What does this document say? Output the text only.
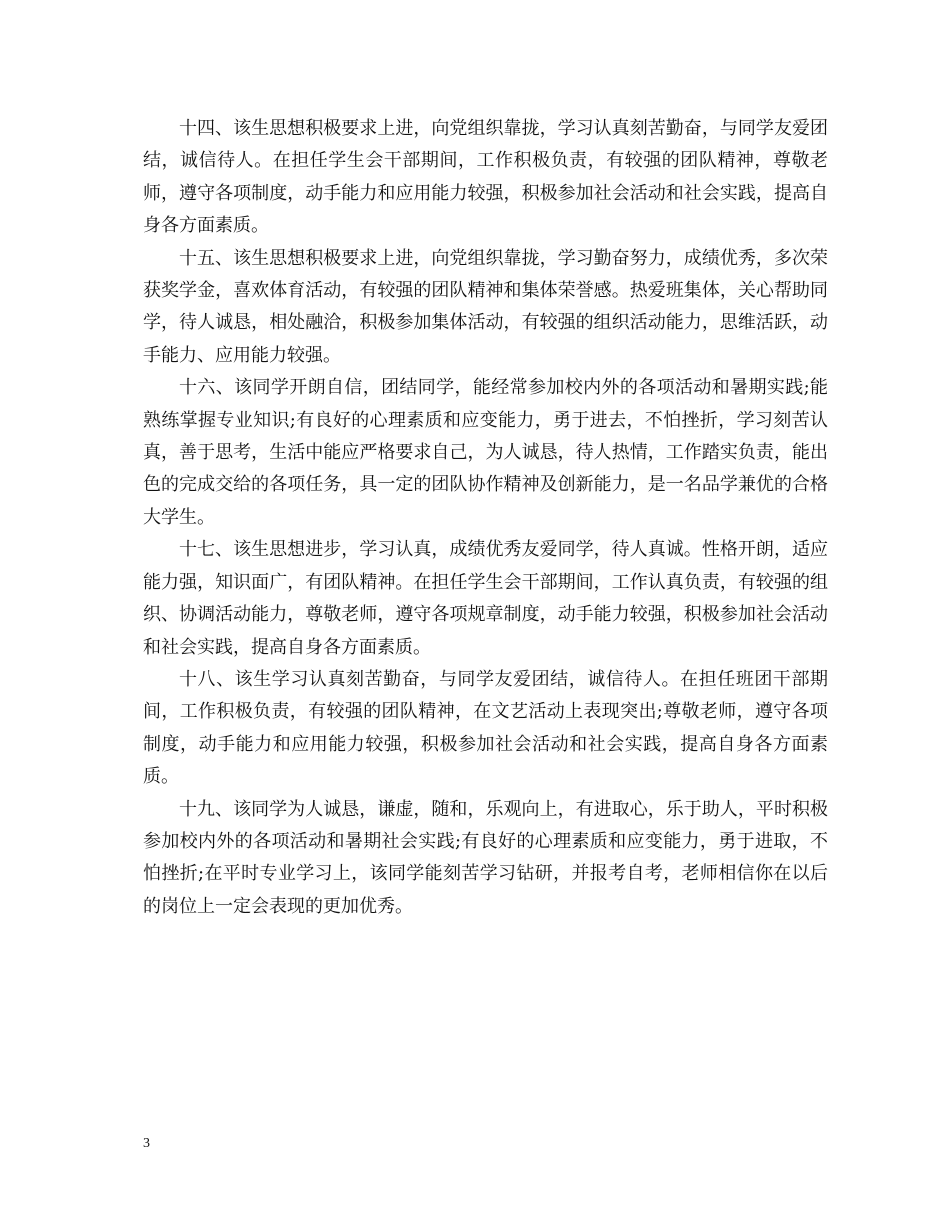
十四、该生思想积极要求上进，向党组织靠拢，学习认真刻苦勤奋，与同学友爱团结，诚信待人。在担任学生会干部期间，工作积极负责，有较强的团队精神，尊敬老师，遵守各项制度，动手能力和应用能力较强，积极参加社会活动和社会实践，提高自身各方面素质。

十五、该生思想积极要求上进，向党组织靠拢，学习勤奋努力，成绩优秀，多次荣获奖学金，喜欢体育活动，有较强的团队精神和集体荣誉感。热爱班集体，关心帮助同学，待人诚恳，相处融洽，积极参加集体活动，有较强的组织活动能力，思维活跃，动手能力、应用能力较强。

十六、该同学开朗自信，团结同学，能经常参加校内外的各项活动和暑期实践;能熟练掌握专业知识;有良好的心理素质和应变能力，勇于进去，不怕挫折，学习刻苦认真，善于思考，生活中能应严格要求自己，为人诚恳，待人热情，工作踏实负责，能出色的完成交给的各项任务，具一定的团队协作精神及创新能力，是一名品学兼优的合格大学生。

十七、该生思想进步，学习认真，成绩优秀友爱同学，待人真诚。性格开朗，适应能力强，知识面广，有团队精神。在担任学生会干部期间，工作认真负责，有较强的组织、协调活动能力，尊敬老师，遵守各项规章制度，动手能力较强，积极参加社会活动和社会实践，提高自身各方面素质。

十八、该生学习认真刻苦勤奋，与同学友爱团结，诚信待人。在担任班团干部期间，工作积极负责，有较强的团队精神，在文艺活动上表现突出;尊敬老师，遵守各项制度，动手能力和应用能力较强，积极参加社会活动和社会实践，提高自身各方面素质。

十九、该同学为人诚恳，谦虚，随和，乐观向上，有进取心，乐于助人，平时积极参加校内外的各项活动和暑期社会实践;有良好的心理素质和应变能力，勇于进取，不怕挫折;在平时专业学习上，该同学能刻苦学习钻研，并报考自考，老师相信你在以后的岗位上一定会表现的更加优秀。

3
